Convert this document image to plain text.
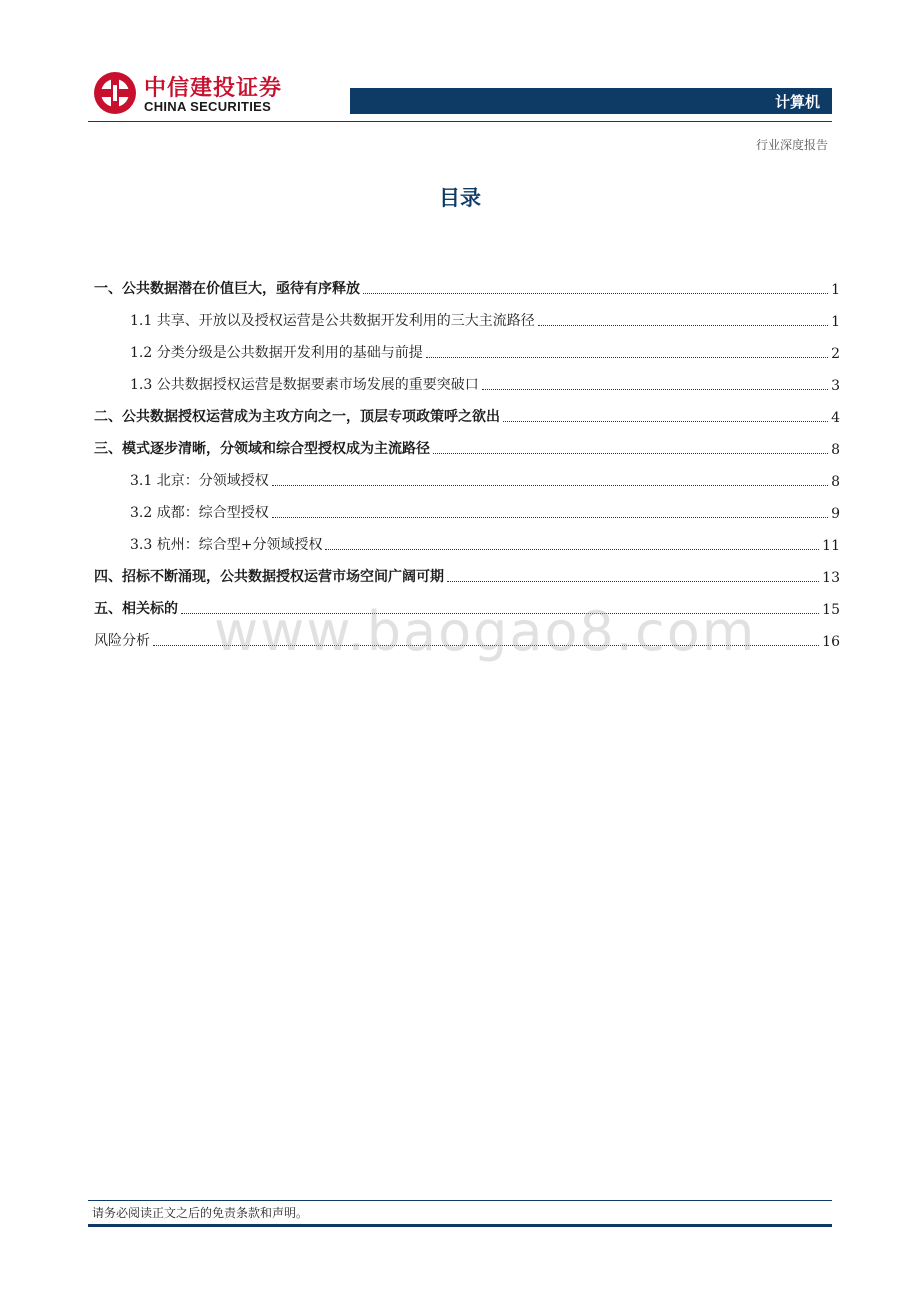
中信建投证券
CHINA SECURITIES	计算机
行业深度报告
目录
一、公共数据潜在价值巨大，亟待有序释放	1
1.1 共享、开放以及授权运营是公共数据开发利用的三大主流路径	1
1.2 分类分级是公共数据开发利用的基础与前提	2
1.3 公共数据授权运营是数据要素市场发展的重要突破口	3
二、公共数据授权运营成为主攻方向之一，顶层专项政策呼之欲出	4
三、模式逐步清晰，分领域和综合型授权成为主流路径	8
3.1 北京：分领域授权	8
3.2 成都：综合型授权	9
3.3 杭州：综合型+分领域授权	11
四、招标不断涌现，公共数据授权运营市场空间广阔可期	13
五、相关标的	15
风险分析	16
www.baogao8.com
请务必阅读正文之后的免责条款和声明。
